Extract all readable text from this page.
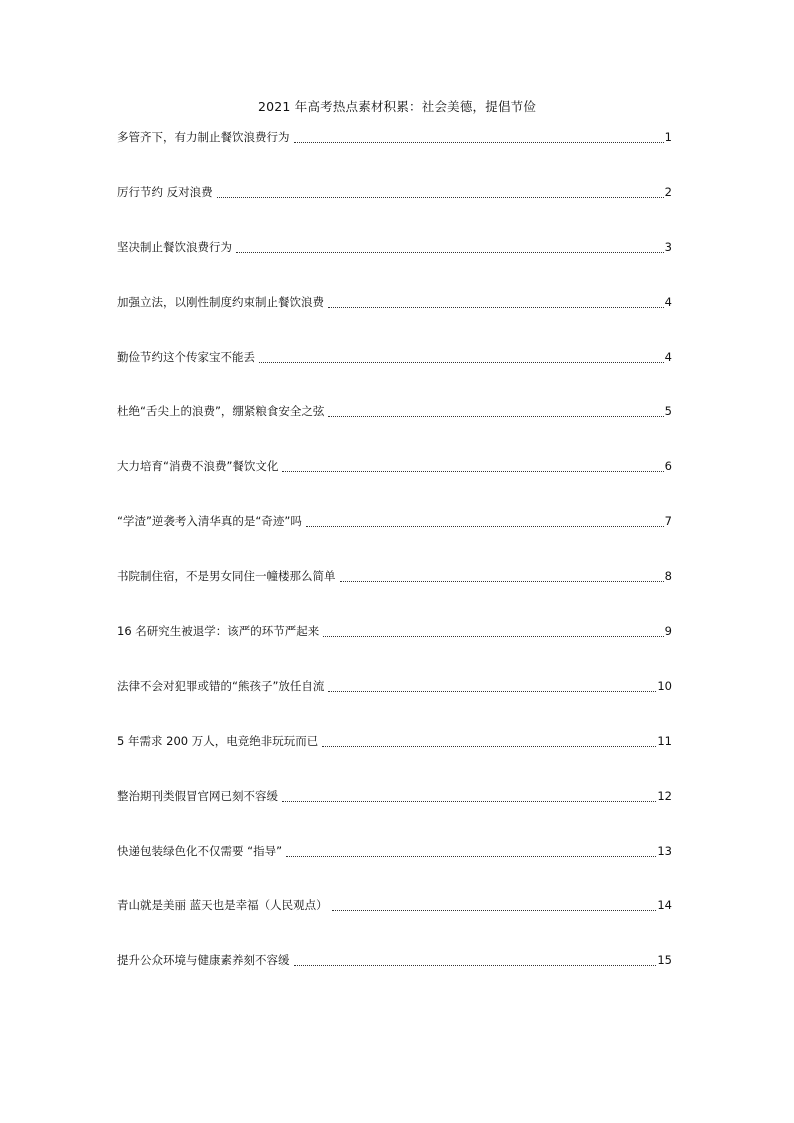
2021 年高考热点素材积累：社会美德，提倡节俭
多管齐下，有力制止餐饮浪费行为	1
厉行节约 反对浪费	2
坚决制止餐饮浪费行为	3
加强立法，以刚性制度约束制止餐饮浪费	4
勤俭节约这个传家宝不能丢	4
杜绝“舌尖上的浪费”，绷紧粮食安全之弦	5
大力培育“消费不浪费”餐饮文化	6
“学渣”逆袭考入清华真的是“奇迹”吗	7
书院制住宿，不是男女同住一幢楼那么简单	8
16 名研究生被退学：该严的环节严起来	9
法律不会对犯罪或错的“熊孩子”放任自流	10
5 年需求 200 万人，电竞绝非玩玩而已	11
整治期刊类假冒官网已刻不容缓	12
快递包装绿色化不仅需要 “指导”	13
青山就是美丽 蓝天也是幸福（人民观点）	14
提升公众环境与健康素养刻不容缓	15
